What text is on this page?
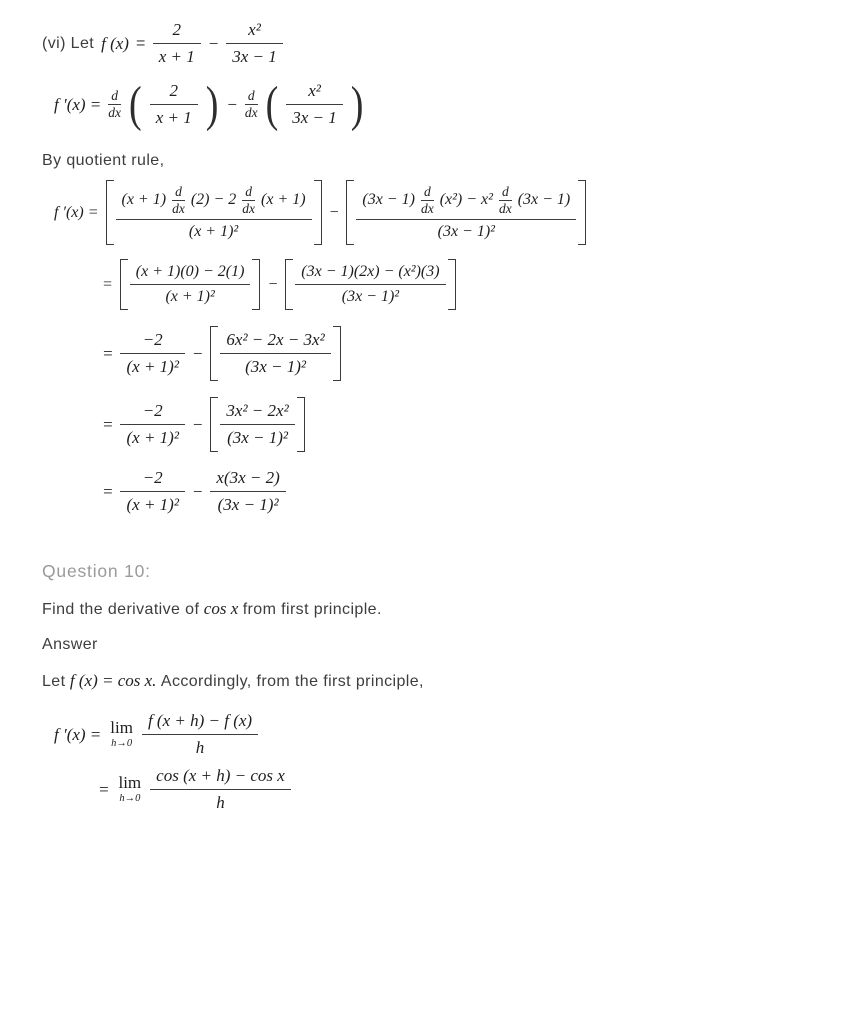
(vi) Let f $(x) = \frac{2}{x + 1} - \frac{\text{x²}}{3x - 1}$
f $'(x) = \frac{d}{dx}$ ( $\frac{2}{x + 1}$ ) − $\frac{d}{dx}$ ( $\frac{\text{x²}}{3x - 1}$ )
By quotient rule,
f ′(x) =
(x + 1) d
dx (2) − 2 d
dx (x + 1)
(x + 1)²
−
(3x − 1) d
dx (x²) − x² d
dx (3x − 1)
(3x − 1)²
= $\frac{(x + 1)(0) - 2(1)}{\text{(x + 1)²}} - \frac{\text{(3x − 1)(2x) − (x²)(3)}}{\text{(3x − 1)²}}$
= $\frac{-2}{\text{(x + 1)²}} - \frac{\text{6x² − 2x − 3x²}}{\text{(3x − 1)²}}$
= $\frac{-2}{\text{(x + 1)²}} - \frac{\text{3x² − 2x²}}{\text{(3x − 1)²}}$
= $\frac{-2}{\text{(x + 1)²}} - \frac{x(3x - 2)}{\text{(3x − 1)²}}$
Question 10:
Find the derivative of cos x from first principle.
Answer
Let f (x) = cos x. Accordingly, from the first principle,
f ′(x) = lim
$h\to 0 \frac{f (x + h) - f (x)}{h}$
= lim
$h\to 0 \frac{\text{cos (x + h) − cos x}}{h}$
